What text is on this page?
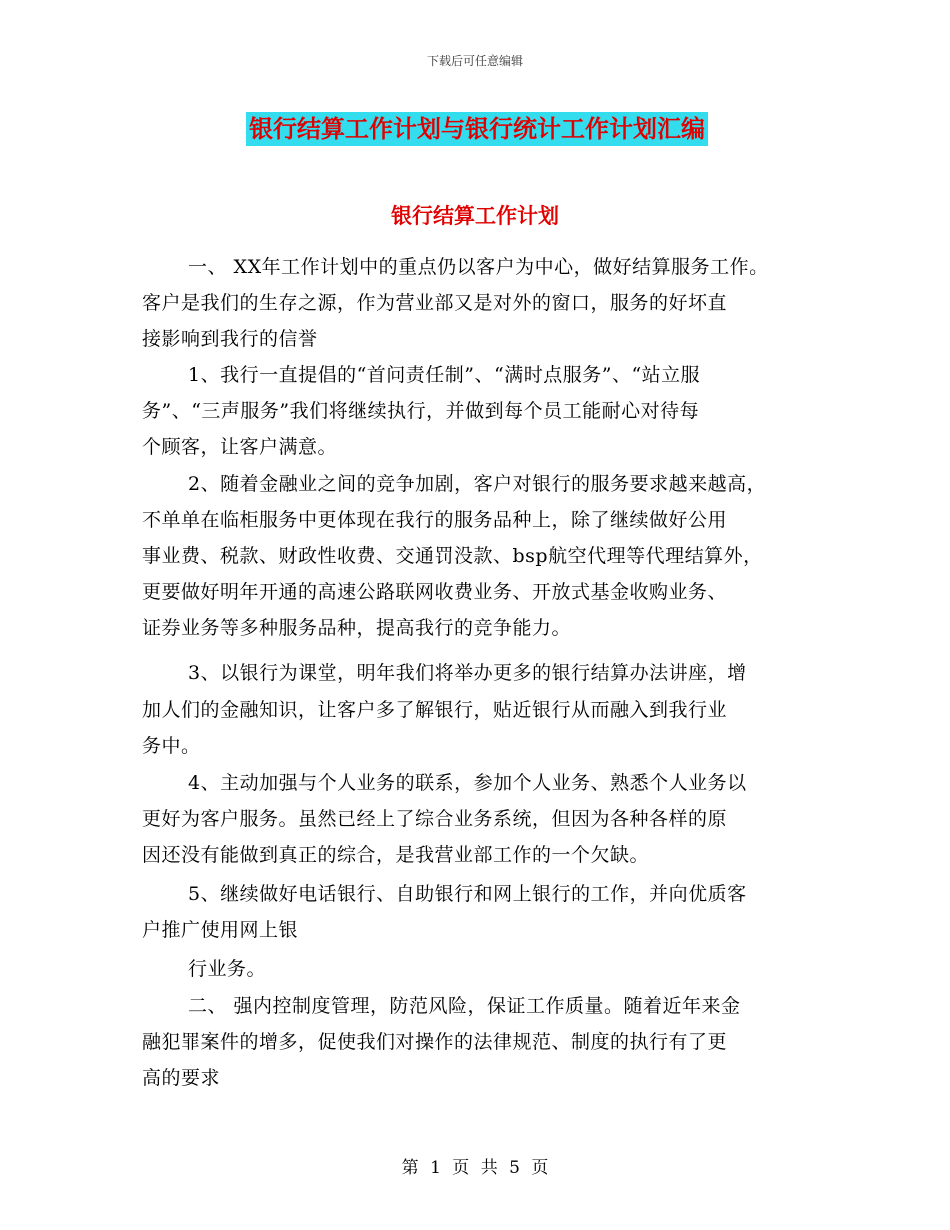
下载后可任意编辑
银行结算工作计划与银行统计工作计划汇编
银行结算工作计划
一、 XX年工作计划中的重点仍以客户为中心，做好结算服务工作。
客户是我们的生存之源，作为营业部又是对外的窗口，服务的好坏直
接影响到我行的信誉
1、我行一直提倡的“首问责任制”、“满时点服务”、“站立服
务”、“三声服务”我们将继续执行，并做到每个员工能耐心对待每
个顾客，让客户满意。
2、随着金融业之间的竞争加剧，客户对银行的服务要求越来越高，
不单单在临柜服务中更体现在我行的服务品种上，除了继续做好公用
事业费、税款、财政性收费、交通罚没款、bsp航空代理等代理结算外，
更要做好明年开通的高速公路联网收费业务、开放式基金收购业务、
证券业务等多种服务品种，提高我行的竞争能力。
3、以银行为课堂，明年我们将举办更多的银行结算办法讲座，增
加人们的金融知识，让客户多了解银行，贴近银行从而融入到我行业
务中。
4、主动加强与个人业务的联系，参加个人业务、熟悉个人业务以
更好为客户服务。虽然已经上了综合业务系统，但因为各种各样的原
因还没有能做到真正的综合，是我营业部工作的一个欠缺。
5、继续做好电话银行、自助银行和网上银行的工作，并向优质客
户推广使用网上银
行业务。
二、 强内控制度管理，防范风险，保证工作质量。随着近年来金
融犯罪案件的增多，促使我们对操作的法律规范、制度的执行有了更
高的要求
第 1 页 共 5 页
